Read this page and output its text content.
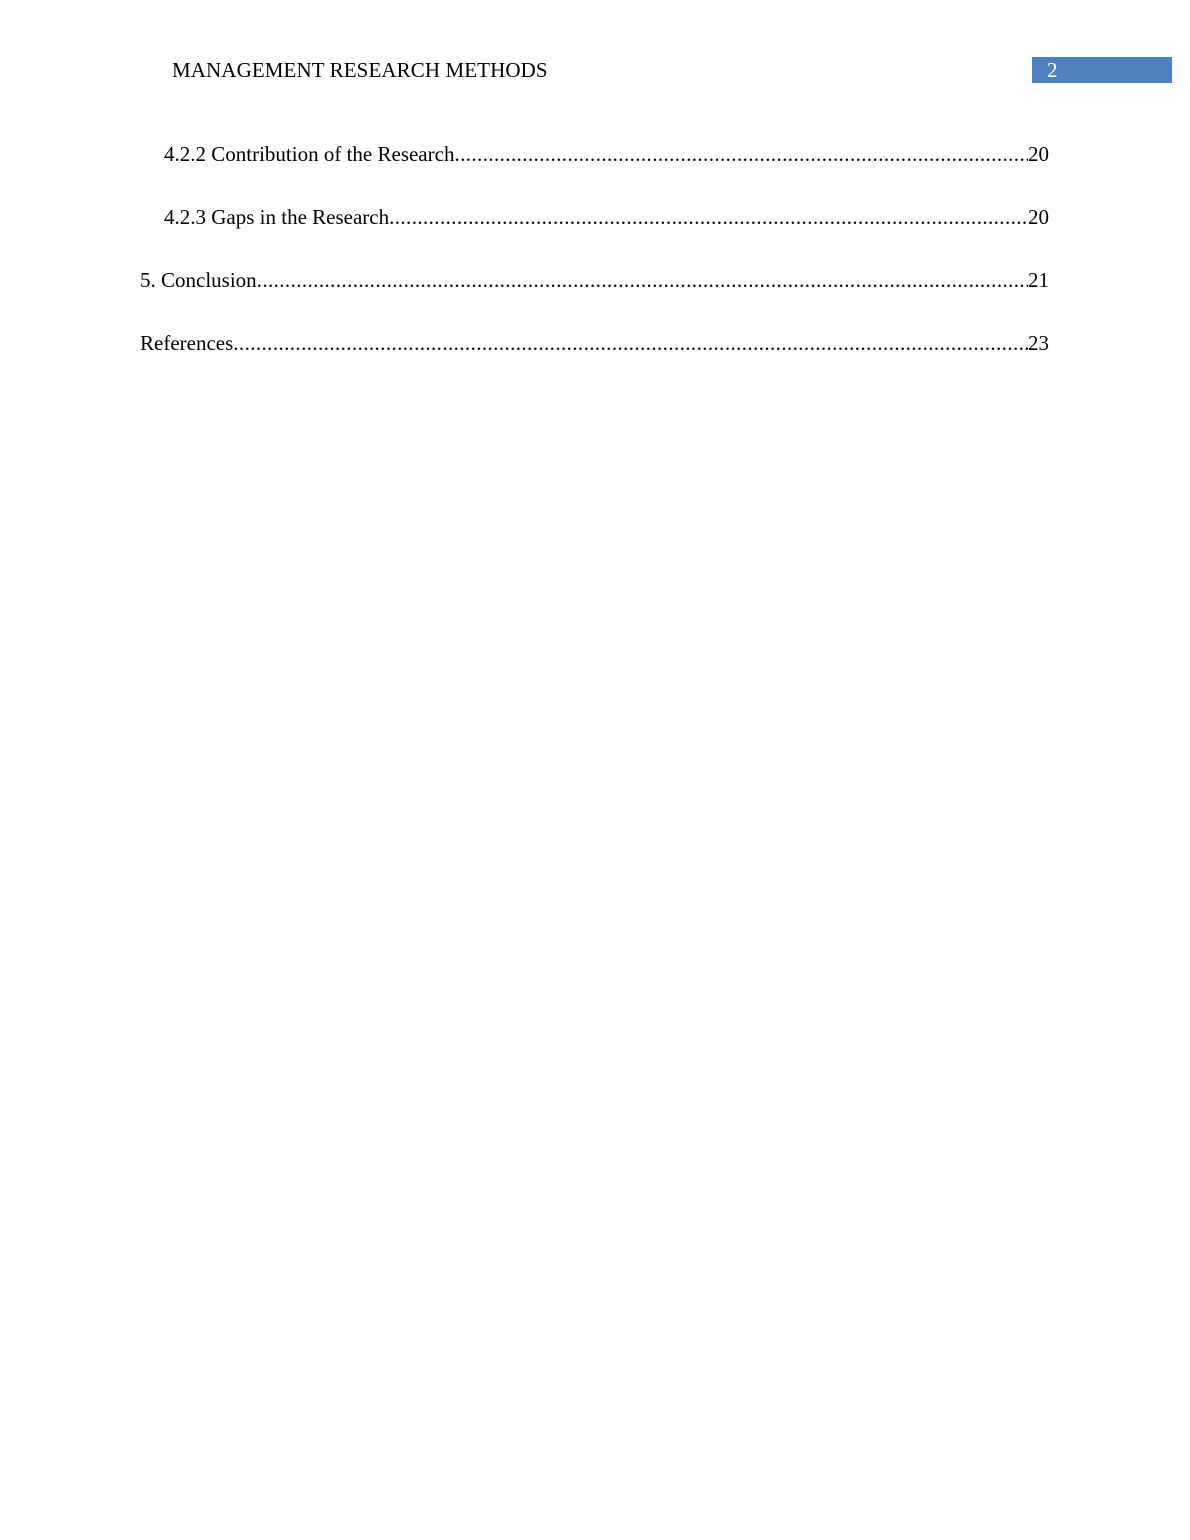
MANAGEMENT RESEARCH METHODS	2
4.2.2 Contribution of the Research .....	20
4.2.3 Gaps in the Research .....	20
5. Conclusion .....	21
References .....	23
